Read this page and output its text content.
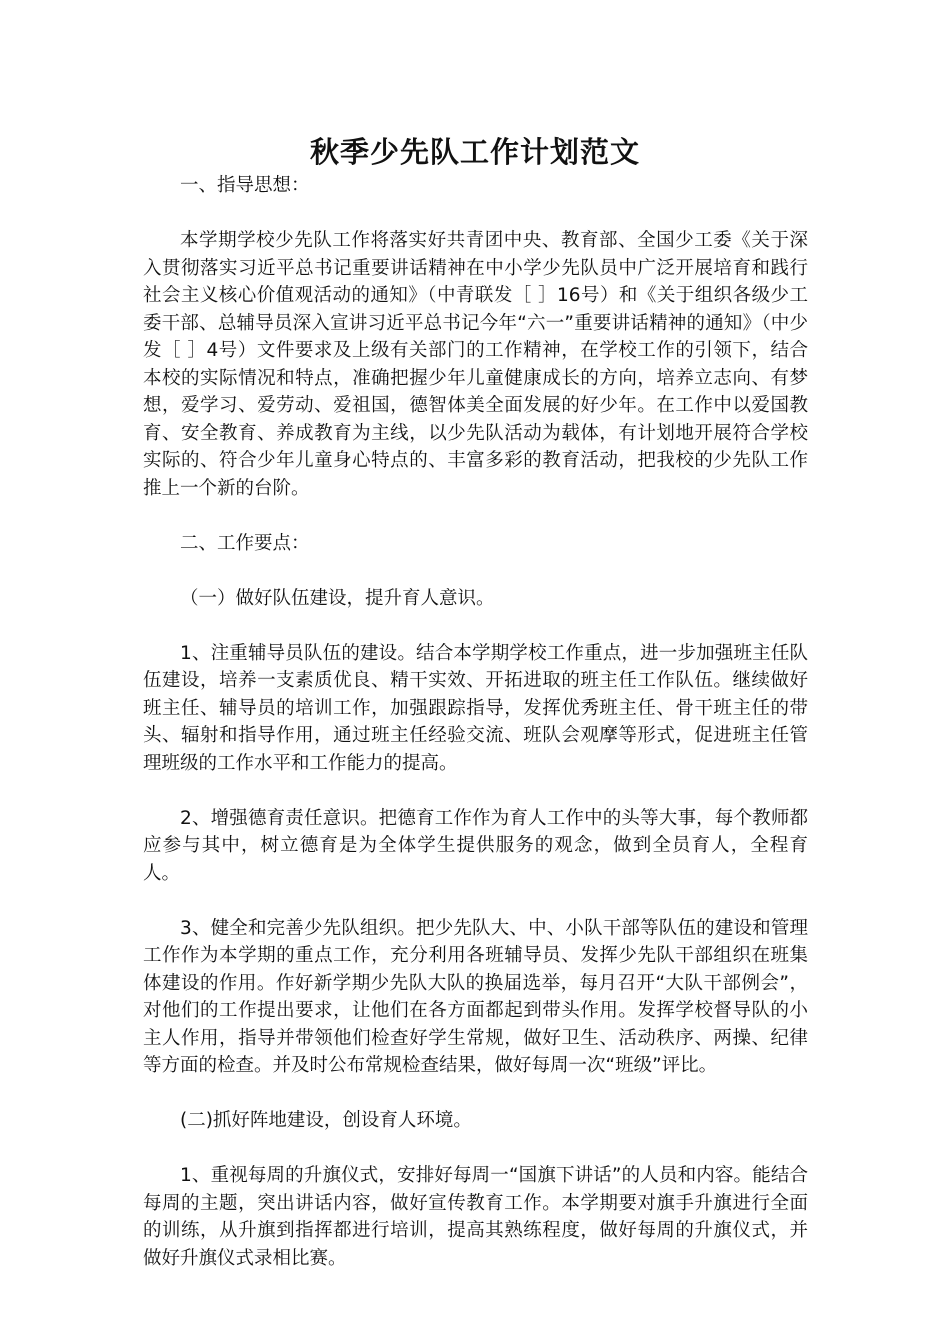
秋季少先队工作计划范文

一、指导思想：

本学期学校少先队工作将落实好共青团中央、教育部、全国少工委《关于深入贯彻落实习近平总书记重要讲话精神在中小学少先队员中广泛开展培育和践行社会主义核心价值观活动的通知》（中青联发［ ］16号）和《关于组织各级少工委干部、总辅导员深入宣讲习近平总书记今年“六一”重要讲话精神的通知》（中少发［ ］4号）文件要求及上级有关部门的工作精神，在学校工作的引领下，结合本校的实际情况和特点，准确把握少年儿童健康成长的方向，培养立志向、有梦想，爱学习、爱劳动、爱祖国，德智体美全面发展的好少年。在工作中以爱国教育、安全教育、养成教育为主线，以少先队活动为载体，有计划地开展符合学校实际的、符合少年儿童身心特点的、丰富多彩的教育活动，把我校的少先队工作推上一个新的台阶。

二、工作要点：

（一）做好队伍建设，提升育人意识。

1、注重辅导员队伍的建设。结合本学期学校工作重点，进一步加强班主任队伍建设，培养一支素质优良、精干实效、开拓进取的班主任工作队伍。继续做好班主任、辅导员的培训工作，加强跟踪指导，发挥优秀班主任、骨干班主任的带头、辐射和指导作用，通过班主任经验交流、班队会观摩等形式，促进班主任管理班级的工作水平和工作能力的提高。

2、增强德育责任意识。把德育工作作为育人工作中的头等大事，每个教师都应参与其中，树立德育是为全体学生提供服务的观念，做到全员育人，全程育人。

3、健全和完善少先队组织。把少先队大、中、小队干部等队伍的建设和管理工作作为本学期的重点工作，充分利用各班辅导员、发挥少先队干部组织在班集体建设的作用。作好新学期少先队大队的换届选举，每月召开“大队干部例会”，对他们的工作提出要求，让他们在各方面都起到带头作用。发挥学校督导队的小主人作用，指导并带领他们检查好学生常规，做好卫生、活动秩序、两操、纪律等方面的检查。并及时公布常规检查结果，做好每周一次“班级”评比。

(二)抓好阵地建设，创设育人环境。

1、重视每周的升旗仪式，安排好每周一“国旗下讲话”的人员和内容。能结合每周的主题，突出讲话内容，做好宣传教育工作。本学期要对旗手升旗进行全面的训练，从升旗到指挥都进行培训，提高其熟练程度，做好每周的升旗仪式，并做好升旗仪式录相比赛。
